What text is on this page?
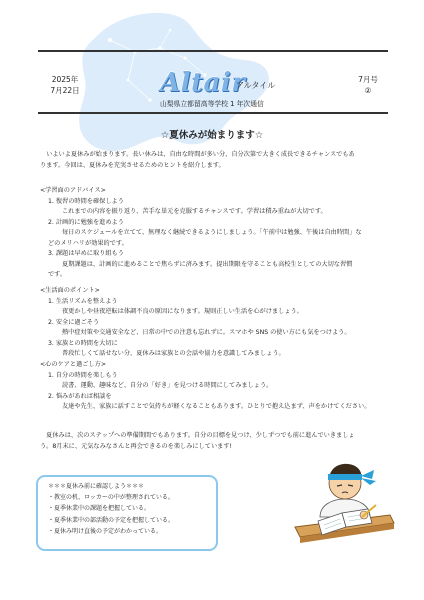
2025年
7月22日	Altair
アルタイル
山梨県立都留高等学校 1 年次通信
7月号
②
☆夏休みが始まります☆

　いよいよ夏休みが始まります。長い休みは、自由な時間が多い分、自分次第で大きく成長できるチャンスでもあ

ります。今回は、夏休みを充実させるためのヒントを紹介します。

<学習面のアドバイス>

1. 復習の時間を確保しよう

これまでの内容を振り返り、苦手な単元を克服するチャンスです。学習は積み重ねが大切です。

2. 計画的に勉強を進めよう

毎日のスケジュールを立てて、無理なく継続できるようにしましょう。「午前中は勉強、午後は自由時間」な

どのメリハリが効果的です。

3. 課題は早めに取り組もう

夏期課題は、計画的に進めることで焦らずに済みます。提出期限を守ることも高校生としての大切な習慣

です。

<生活面のポイント>

1. 生活リズムを整えよう

夜更かしや昼夜逆転は体調不良の原因になります。規則正しい生活を心がけましょう。

2. 安全に過ごそう

熱中症対策や交通安全など、日常の中での注意も忘れずに。スマホや SNS の使い方にも気をつけよう。

3. 家族との時間を大切に

普段忙しくて話せない分、夏休みは家族との会話や協力を意識してみましょう。

<心のケアと過ごし方>

1. 自分の時間を楽しもう

読書、運動、趣味など、自分の「好き」を見つける時間にしてみましょう。

2. 悩みがあれば相談を

友達や先生、家族に話すことで気持ちが軽くなることもあります。ひとりで抱え込まず、声をかけてください。

　夏休みは、次のステップへの準備期間でもあります。自分の目標を見つけ、少しずつでも前に進んでいきましょ

う。8月末に、元気なみなさんと再会できるのを楽しみにしています!

＊＊＊夏休み前に確認しよう＊＊＊

・教室の机、ロッカーの中が整理されている。

・夏季休業中の課題を把握している。

・夏季休業中の部活動の予定を把握している。

・夏休み明け直後の予定がわかっている。
